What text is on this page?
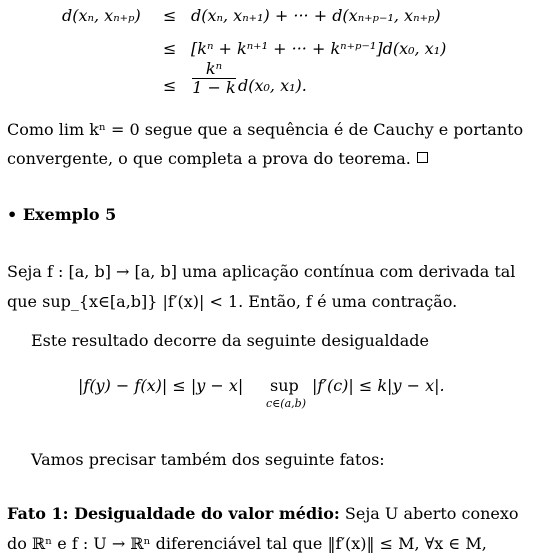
d(xₙ, xₙ₊ₚ) ≤ d(xₙ, xₙ₊₁) + ··· + d(xₙ₊ₚ₋₁, xₙ₊ₚ)
≤ [kⁿ + kⁿ⁺¹ + ··· + kⁿ⁺ᵖ⁻¹]d(x₀, x₁)
≤ $\frac{\text{kⁿ}}{1 - k} d(x_0$, x₁).
Como lim kⁿ = 0 segue que a sequência é de Cauchy e portanto
convergente, o que completa a prova do teorema.
• Exemplo 5
Seja f : [a, b] → [a, b] uma aplicação contínua com derivada tal
que sup_{x∈[a,b]} |f′(x)| < 1. Então, f é uma contração.
Este resultado decorre da seguinte desigualdade
|f(y) − f(x)| ≤ |y − x| sup
c∈(a,b)
|f′(c)| ≤ k|y − x|.
Vamos precisar também dos seguinte fatos:
Fato 1: Desigualdade do valor médio: Seja U aberto conexo
do ℝⁿ e f : U → ℝⁿ diferenciável tal que ‖f′(x)‖ ≤ M, ∀x ∈ M,
